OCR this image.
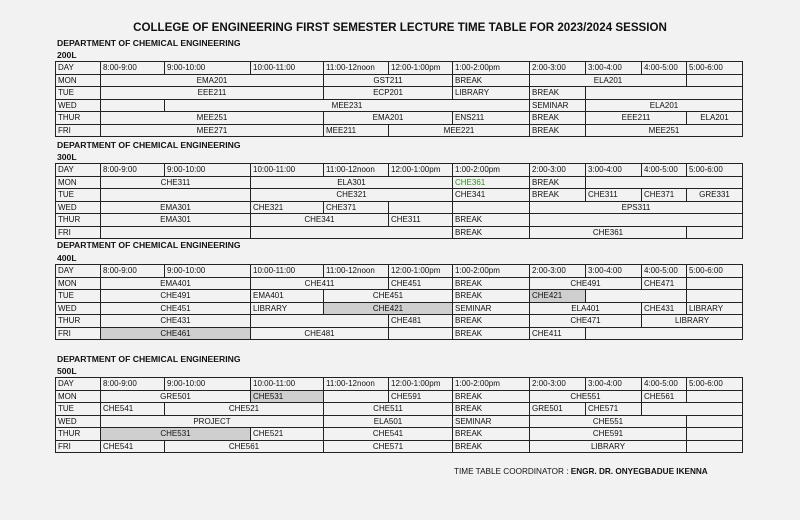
COLLEGE OF ENGINEERING FIRST SEMESTER LECTURE TIME TABLE FOR 2023/2024 SESSION
DEPARTMENT OF CHEMICAL ENGINEERING
200L
DAY	8:00-9:00	9:00-10:00	10:00-11:00	11:00-12noon	12:00-1:00pm	1:00-2:00pm	2:00-3:00	3:00-4:00	4:00-5:00	5:00-6:00	
MON	EMA201			GST211		BREAK	ELA201				
TUE	EEE211			ECP201		LIBRARY	BREAK				
WED		MEE231					SEMINAR	ELA201			
THUR	MEE251			EMA201		ENS211	BREAK	EEE211		ELA201	
FRI	MEE271			MEE211	MEE221		BREAK	MEE251			
DEPARTMENT OF CHEMICAL ENGINEERING
300L
DAY	8:00-9:00	9:00-10:00	10:00-11:00	11:00-12noon	12:00-1:00pm	1:00-2:00pm	2:00-3:00	3:00-4:00	4:00-5:00	5:00-6:00	
MON	CHE311		ELA301			CHE361	BREAK				
TUE			CHE321			CHE341	BREAK	CHE311	CHE371	GRE331	
WED	EMA301		CHE321	CHE371			EPS311				
THUR	EMA301		CHE341		CHE311	BREAK					
FRI						BREAK	CHE361				
DEPARTMENT OF CHEMICAL ENGINEERING
400L
DAY	8:00-9:00	9:00-10:00	10:00-11:00	11:00-12noon	12:00-1:00pm	1:00-2:00pm	2:00-3:00	3:00-4:00	4:00-5:00	5:00-6:00
MON	EMA401		CHE411		CHE451	BREAK	CHE491		CHE471	
TUE	CHE491		EMA401	CHE451		BREAK	CHE421			
WED	CHE451		LIBRARY	CHE421		SEMINAR	ELA401		CHE431	LIBRARY
THUR	CHE431				CHE481	BREAK	CHE471		LIBRARY	
FRI	CHE461		CHE481			BREAK	CHE411			
DEPARTMENT OF CHEMICAL ENGINEERING
500L
DAY	8:00-9:00	9:00-10:00	10:00-11:00	11:00-12noon	12:00-1:00pm	1:00-2:00pm	2:00-3:00	3:00-4:00	4:00-5:00	5:00-6:00
MON	GRE501		CHE531		CHE591	BREAK	CHE551		CHE561	
TUE	CHE541	CHE521		CHE511		BREAK	GRE501	CHE571		
WED	PROJECT			ELA501		SEMINAR	CHE551			
THUR	CHE531		CHE521	CHE541		BREAK	CHE591			
FRI	CHE541	CHE561		CHE571		BREAK	LIBRARY			
TIME TABLE COORDINATOR : ENGR. DR. ONYEGBADUE IKENNA
